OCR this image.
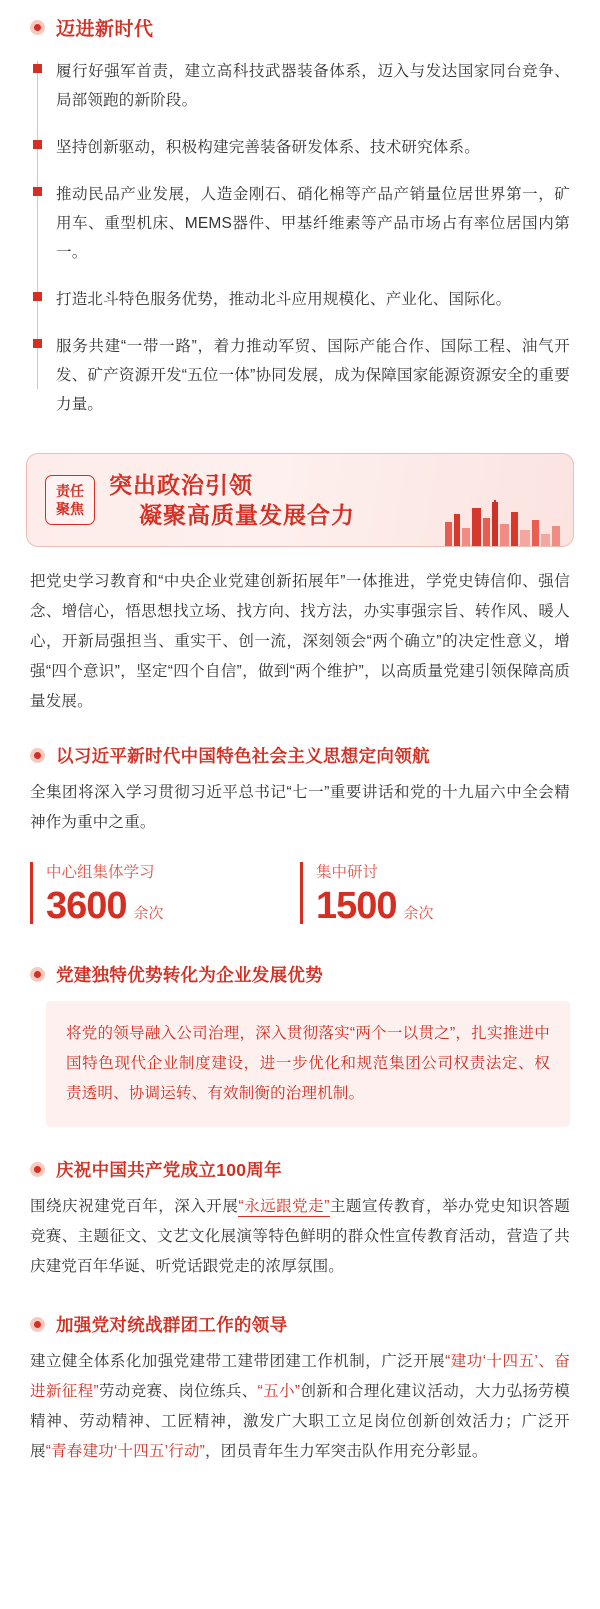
迈进新时代

履行好强军首责，建立高科技武器装备体系，迈入与发达国家同台竞争、局部领跑的新阶段。

坚持创新驱动，积极构建完善装备研发体系、技术研究体系。

推动民品产业发展，人造金刚石、硝化棉等产品产销量位居世界第一，矿用车、重型机床、MEMS器件、甲基纤维素等产品市场占有率位居国内第一。

打造北斗特色服务优势，推动北斗应用规模化、产业化、国际化。

服务共建“一带一路”，着力推动军贸、国际产能合作、国际工程、油气开发、矿产资源开发“五位一体”协同发展，成为保障国家能源资源安全的重要力量。

责任
聚焦
突出政治引领
凝聚高质量发展合力

把党史学习教育和“中央企业党建创新拓展年”一体推进，学党史铸信仰、强信念、增信心，悟思想找立场、找方向、找方法，办实事强宗旨、转作风、暖人心，开新局强担当、重实干、创一流，深刻领会“两个确立”的决定性意义，增强“四个意识”，坚定“四个自信”，做到“两个维护”，以高质量党建引领保障高质量发展。

以习近平新时代中国特色社会主义思想定向领航

全集团将深入学习贯彻习近平总书记“七一”重要讲话和党的十九届六中全会精神作为重中之重。

中心组集体学习
3600 余次
集中研讨
1500 余次
党建独特优势转化为企业发展优势
将党的领导融入公司治理，深入贯彻落实“两个一以贯之”，扎实推进中国特色现代企业制度建设，进一步优化和规范集团公司权责法定、权责透明、协调运转、有效制衡的治理机制。
庆祝中国共产党成立100周年

围绕庆祝建党百年，深入开展“永远跟党走”主题宣传教育，举办党史知识答题竞赛、主题征文、文艺文化展演等特色鲜明的群众性宣传教育活动，营造了共庆建党百年华诞、听党话跟党走的浓厚氛围。

加强党对统战群团工作的领导

建立健全体系化加强党建带工建带团建工作机制，广泛开展“建功‘十四五’、奋进新征程”劳动竞赛、岗位练兵、“五小”创新和合理化建议活动，大力弘扬劳模精神、劳动精神、工匠精神，激发广大职工立足岗位创新创效活力；广泛开展“青春建功‘十四五’行动”，团员青年生力军突击队作用充分彰显。
